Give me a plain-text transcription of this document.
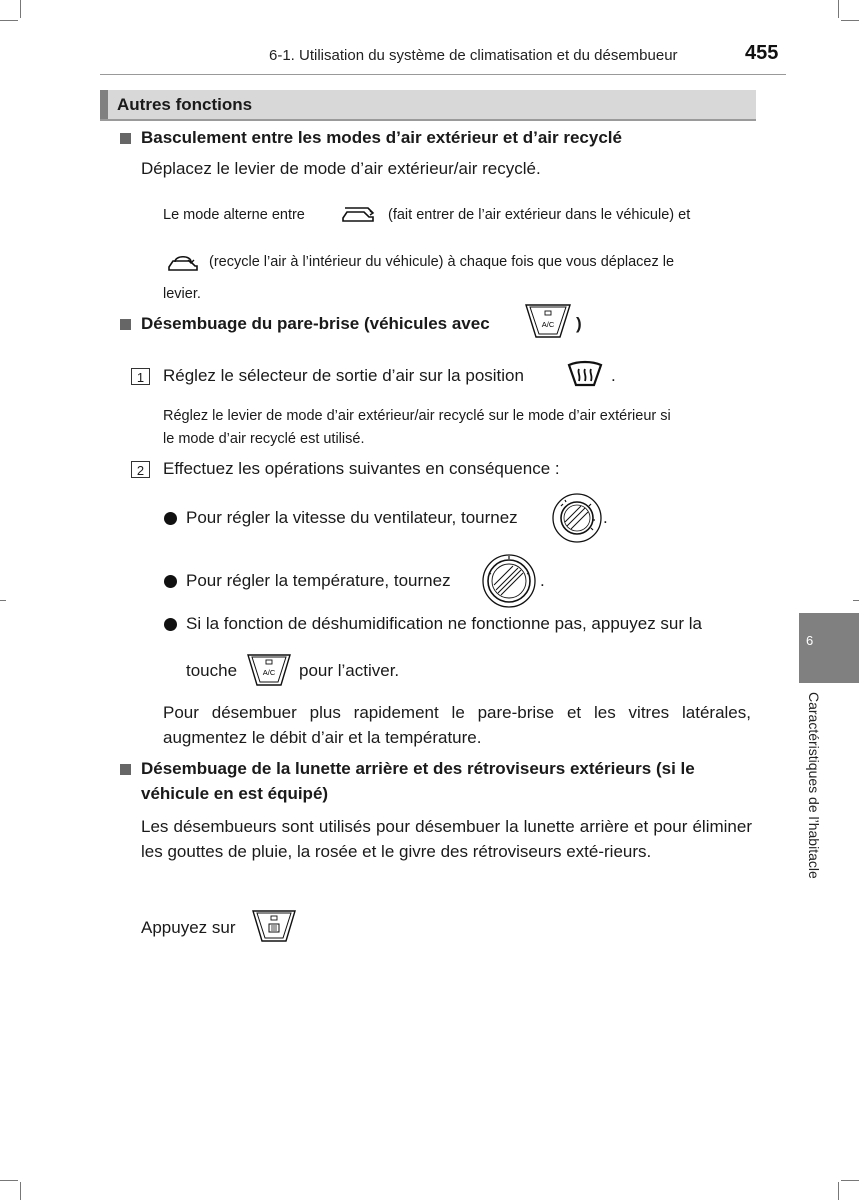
6-1. Utilisation du système de climatisation et du désembueur	455
Autres fonctions
Basculement entre les modes d’air extérieur et d’air recyclé
Déplacez le levier de mode d’air extérieur/air recyclé.
Le mode alterne entre	(fait entrer de l’air extérieur dans le véhicule) et
(recycle l’air à l’intérieur du véhicule) à chaque fois que vous déplacez le
levier.
Désembuage du pare-brise (véhicules avec	A/C )
1	Réglez le sélecteur de sortie d’air sur la position	.
Réglez le levier de mode d’air extérieur/air recyclé sur le mode d’air extérieur si
le mode d’air recyclé est utilisé.
2	Effectuez les opérations suivantes en conséquence :
Pour régler la vitesse du ventilateur, tournez	.
Pour régler la température, tournez	.
Si la fonction de déshumidification ne fonctionne pas, appuyez sur la
touche	A/C pour l’activer.
Pour désembuer plus rapidement le pare-brise et les vitres latérales, augmentez le débit d’air et la température.
Désembuage de la lunette arrière et des rétroviseurs extérieurs (si le
véhicule en est équipé)
Les désembueurs sont utilisés pour désembuer la lunette arrière et pour éliminer les gouttes de pluie, la rosée et le givre des rétroviseurs exté-rieurs.
Appuyez sur
6
Caractéristiques de l’habitacle
